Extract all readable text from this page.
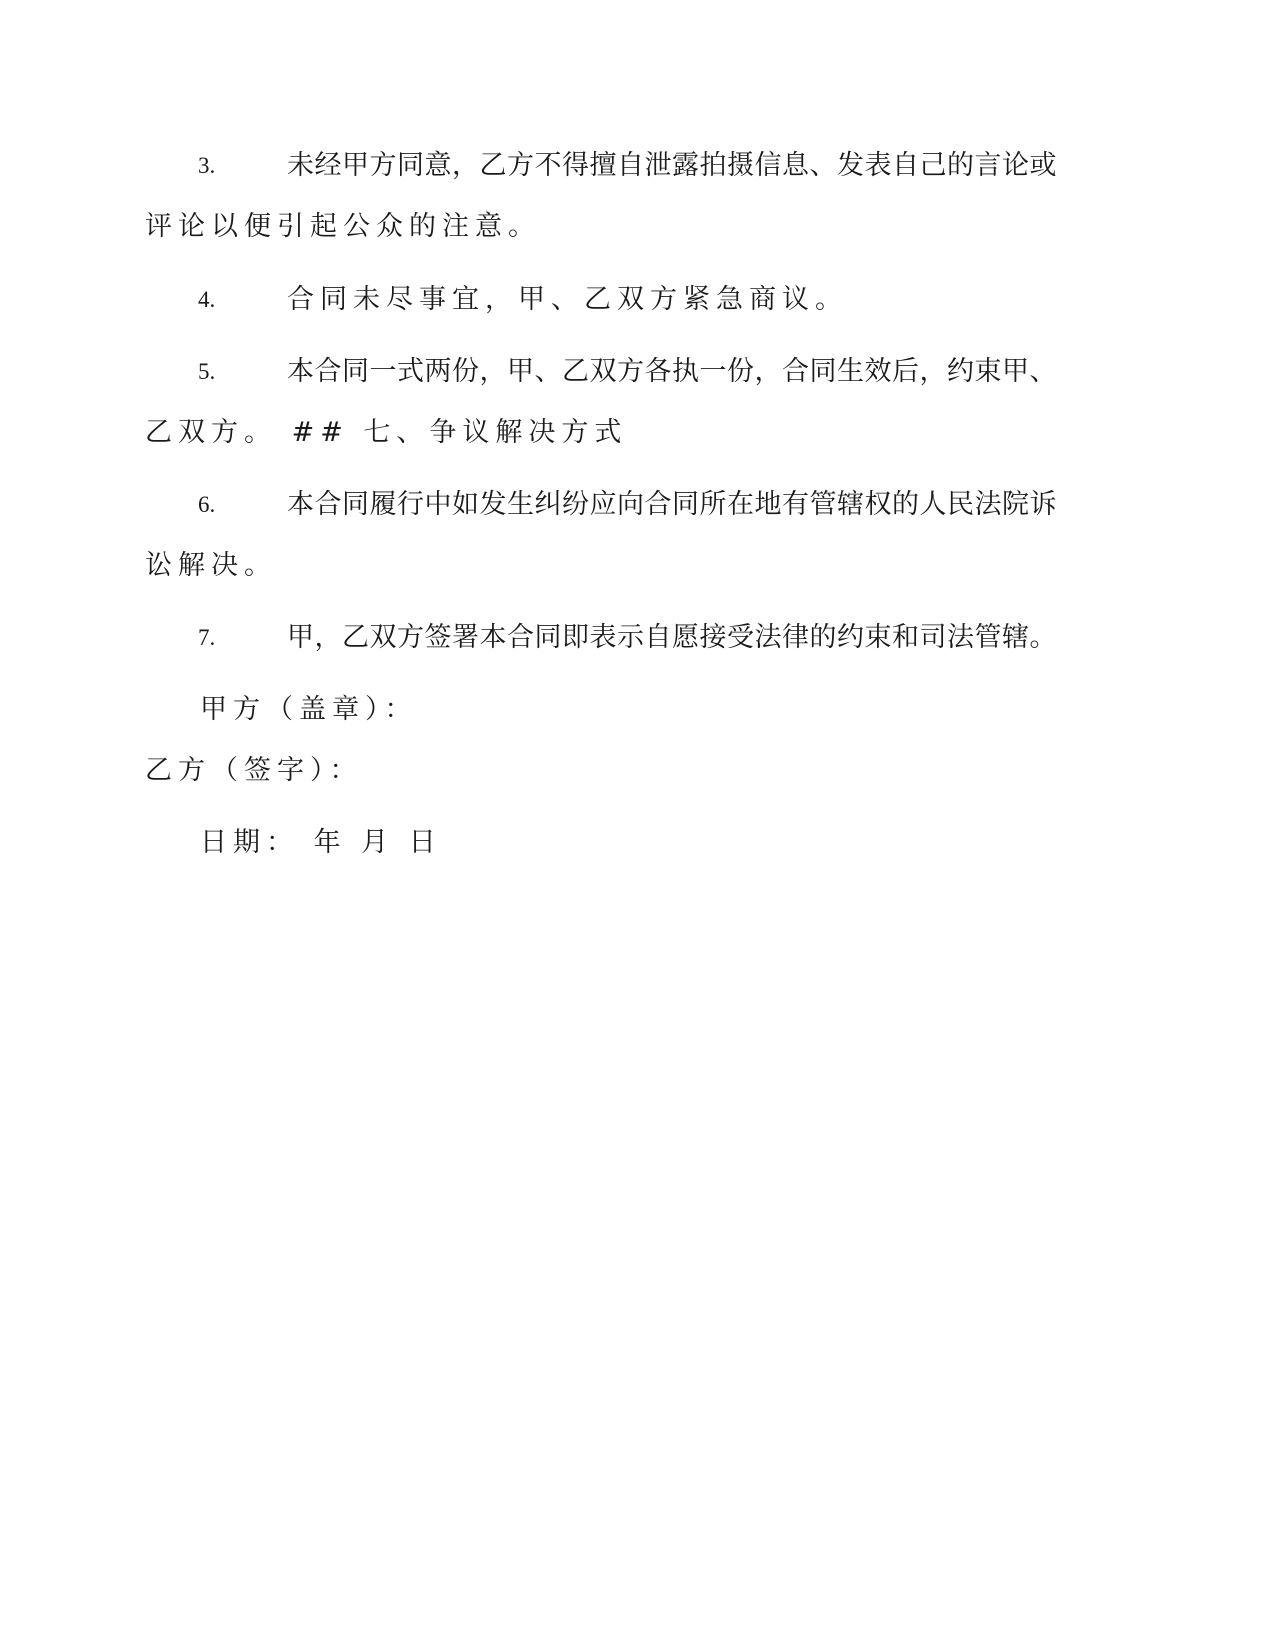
3.	未经甲方同意，乙方不得擅自泄露拍摄信息、发表自己的言论或
评论以便引起公众的注意。
4.	合同未尽事宜，甲、乙双方紧急商议。
5.	本合同一式两份，甲、乙双方各执一份，合同生效后，约束甲、
乙双方。 ## 七、争议解决方式
6.	本合同履行中如发生纠纷应向合同所在地有管辖权的人民法院诉
讼解决。
7.	甲，乙双方签署本合同即表示自愿接受法律的约束和司法管辖。
甲方（盖章）：
乙方（签字）：
日期： 年 月 日
